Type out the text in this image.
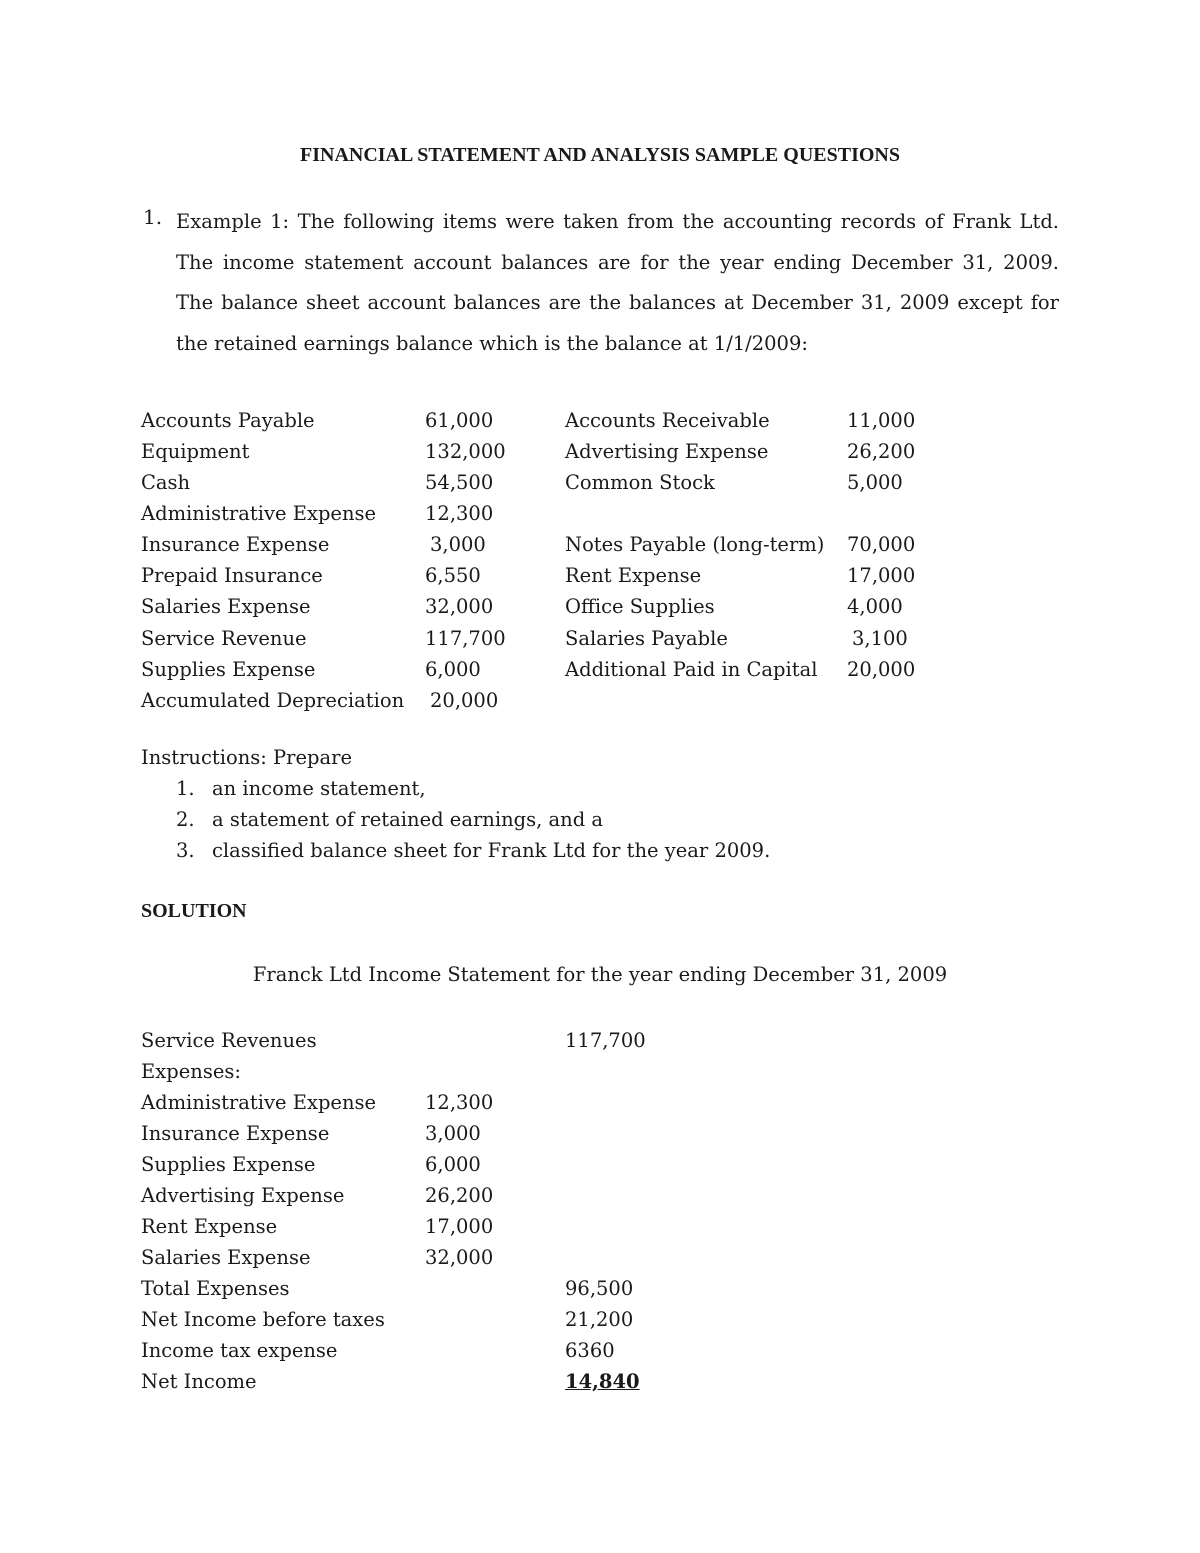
FINANCIAL STATEMENT AND ANALYSIS SAMPLE QUESTIONS
1. Example 1: The following items were taken from the accounting records of Frank Ltd. The income statement account balances are for the year ending December 31, 2009. The balance sheet account balances are the balances at December 31, 2009 except for the retained earnings balance which is the balance at 1/1/2009:
Accounts Payable	61,000
Equipment	132,000
Cash	54,500
Administrative Expense	12,300
Insurance Expense	3,000
Prepaid Insurance	6,550
Salaries Expense	32,000
Service Revenue	117,700
Supplies Expense	6,000
Accumulated Depreciation 20,000
Accounts Receivable	11,000
Advertising Expense	26,200
Common Stock	5,000
Notes Payable (long-term) 70,000
Rent Expense	17,000
Office Supplies	4,000
Salaries Payable	3,100
Additional Paid in Capital 20,000
Instructions: Prepare
1. an income statement,
2. a statement of retained earnings, and a
3. classified balance sheet for Frank Ltd for the year 2009.
SOLUTION
Franck Ltd Income Statement for the year ending December 31, 2009
Service Revenues	117,700
Expenses:
Administrative Expense	12,300
Insurance Expense	3,000
Supplies Expense	6,000
Advertising Expense	26,200
Rent Expense	17,000
Salaries Expense	32,000
Total Expenses	96,500
Net Income before taxes	21,200
Income tax expense	6360
Net Income	14,840
